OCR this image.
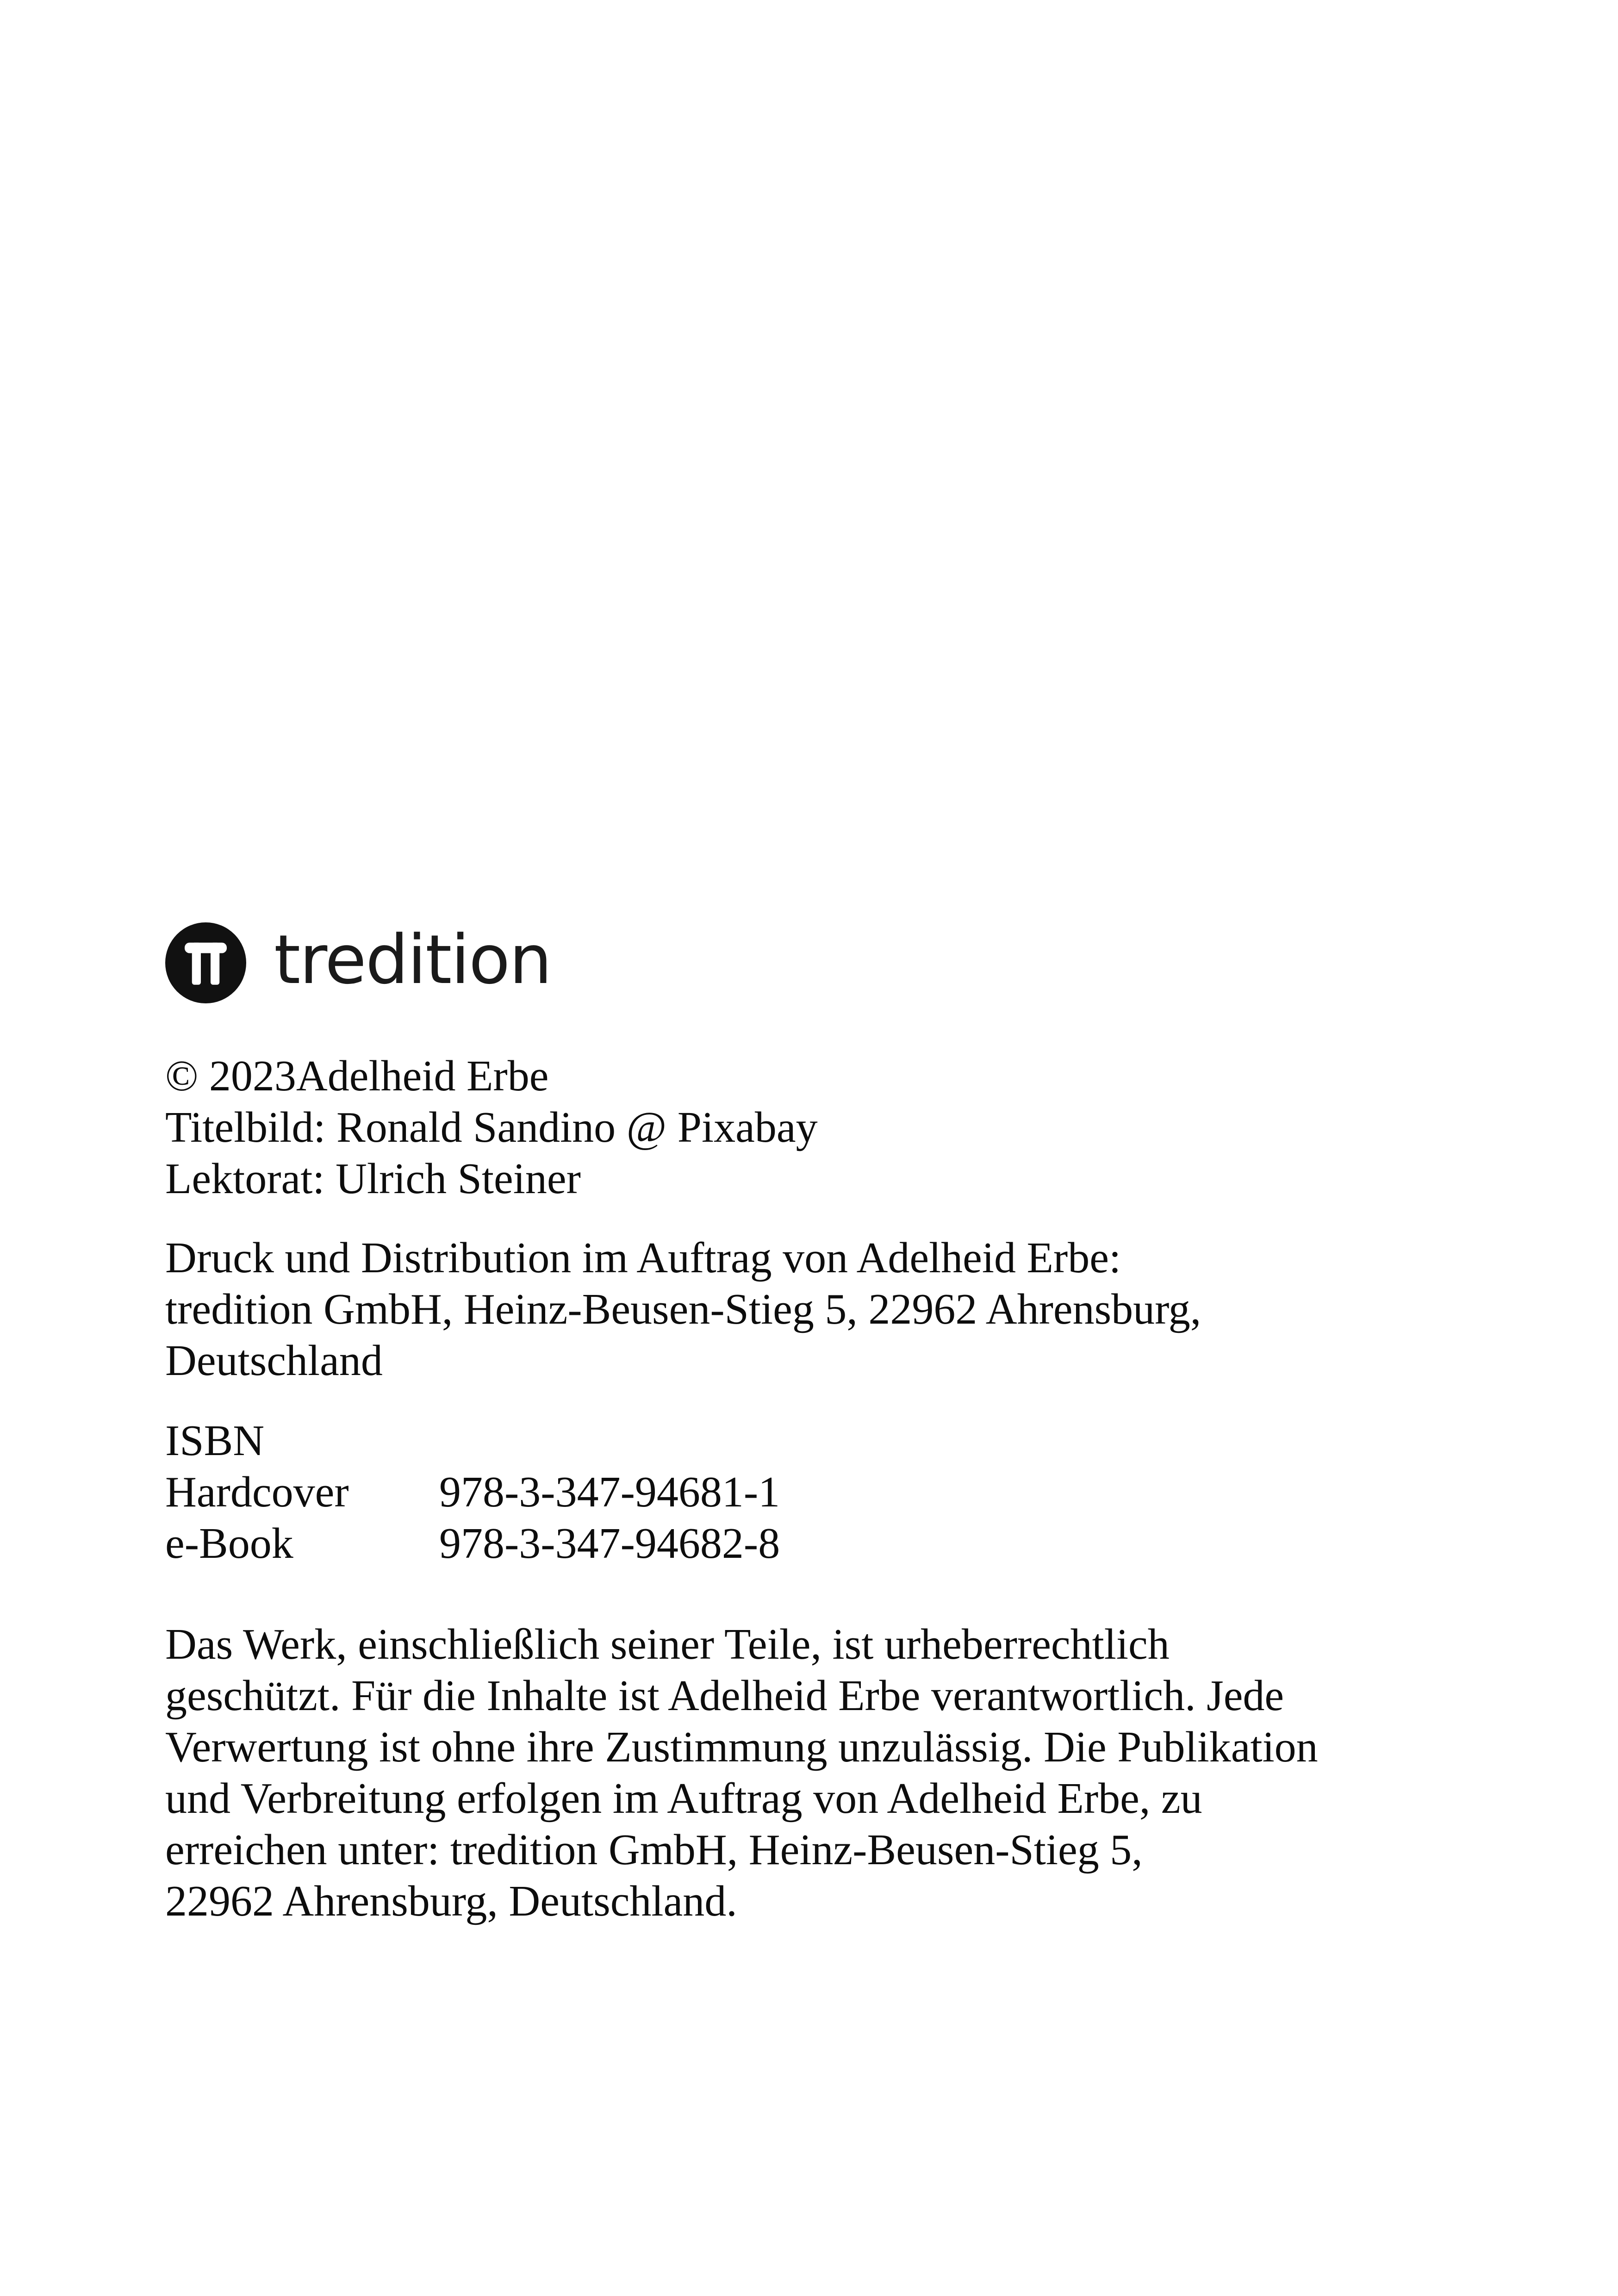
tredition
© 2023Adelheid Erbe
Titelbild: Ronald Sandino @ Pixabay
Lektorat: Ulrich Steiner
Druck und Distribution im Auftrag von Adelheid Erbe:
tredition GmbH, Heinz-Beusen-Stieg 5, 22962 Ahrensburg,
Deutschland
ISBN
Hardcover	978-3-347-94681-1
e-Book	978-3-347-94682-8
Das Werk, einschließlich seiner Teile, ist urheberrechtlich
geschützt. Für die Inhalte ist Adelheid Erbe verantwortlich. Jede
Verwertung ist ohne ihre Zustimmung unzulässig. Die Publikation
und Verbreitung erfolgen im Auftrag von Adelheid Erbe, zu
erreichen unter: tredition GmbH, Heinz-Beusen-Stieg 5,
22962 Ahrensburg, Deutschland.
